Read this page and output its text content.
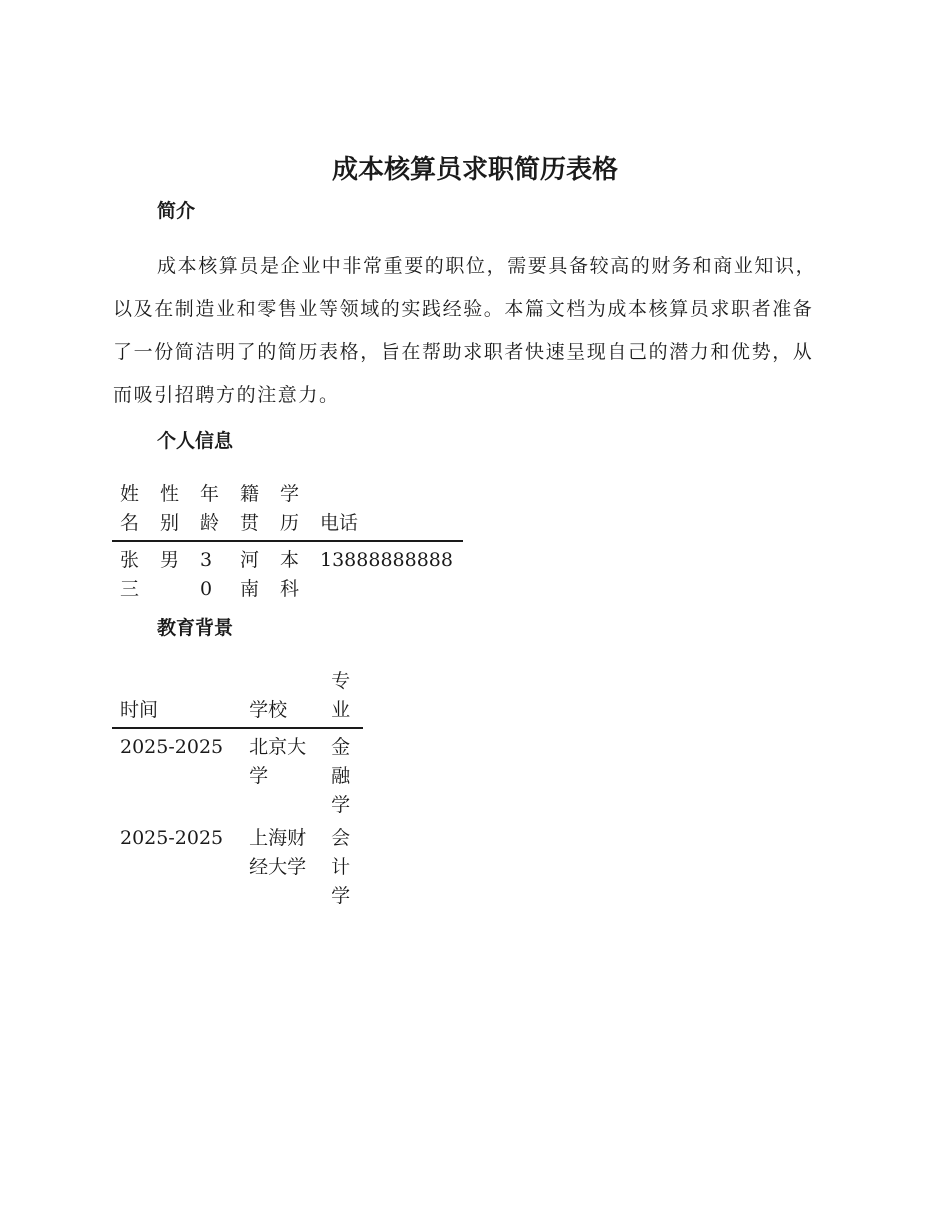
成本核算员求职简历表格
简介

成本核算员是企业中非常重要的职位，需要具备较高的财务和商业知识，以及在制造业和零售业等领域的实践经验。本篇文档为成本核算员求职者准备了一份简洁明了的简历表格，旨在帮助求职者快速呈现自己的潜力和优势，从而吸引招聘方的注意力。

个人信息
姓名	性别	年龄	籍贯	学历	电话
张三	男	30	河南	本科	13888888888
教育背景
时间	学校	专业
2025-2025	北京大学	金融学
2025-2025	上海财经大学	会计学
